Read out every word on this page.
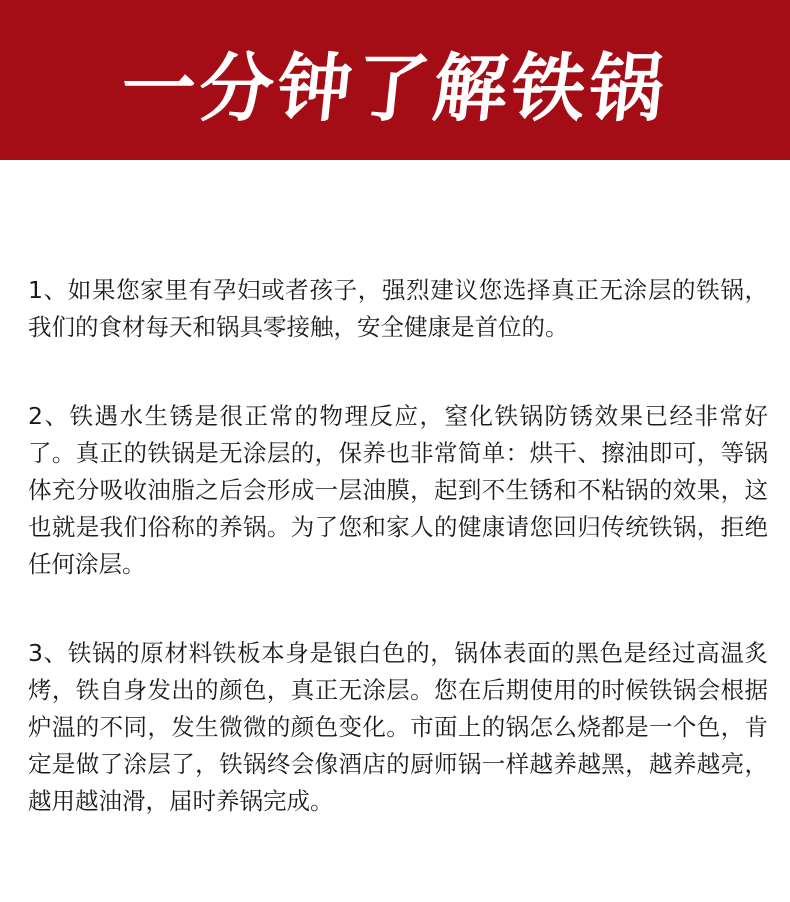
一分钟了解铁锅

1、如果您家里有孕妇或者孩子，强烈建议您选择真正无涂层的铁锅，我们的食材每天和锅具零接触，安全健康是首位的。

2、铁遇水生锈是很正常的物理反应，窒化铁锅防锈效果已经非常好了。真正的铁锅是无涂层的，保养也非常简单：烘干、擦油即可，等锅体充分吸收油脂之后会形成一层油膜，起到不生锈和不粘锅的效果，这也就是我们俗称的养锅。为了您和家人的健康请您回归传统铁锅，拒绝任何涂层。

3、铁锅的原材料铁板本身是银白色的，锅体表面的黑色是经过高温炙烤，铁自身发出的颜色，真正无涂层。您在后期使用的时候铁锅会根据炉温的不同，发生微微的颜色变化。市面上的锅怎么烧都是一个色，肯定是做了涂层了，铁锅终会像酒店的厨师锅一样越养越黑，越养越亮，越用越油滑，届时养锅完成。
